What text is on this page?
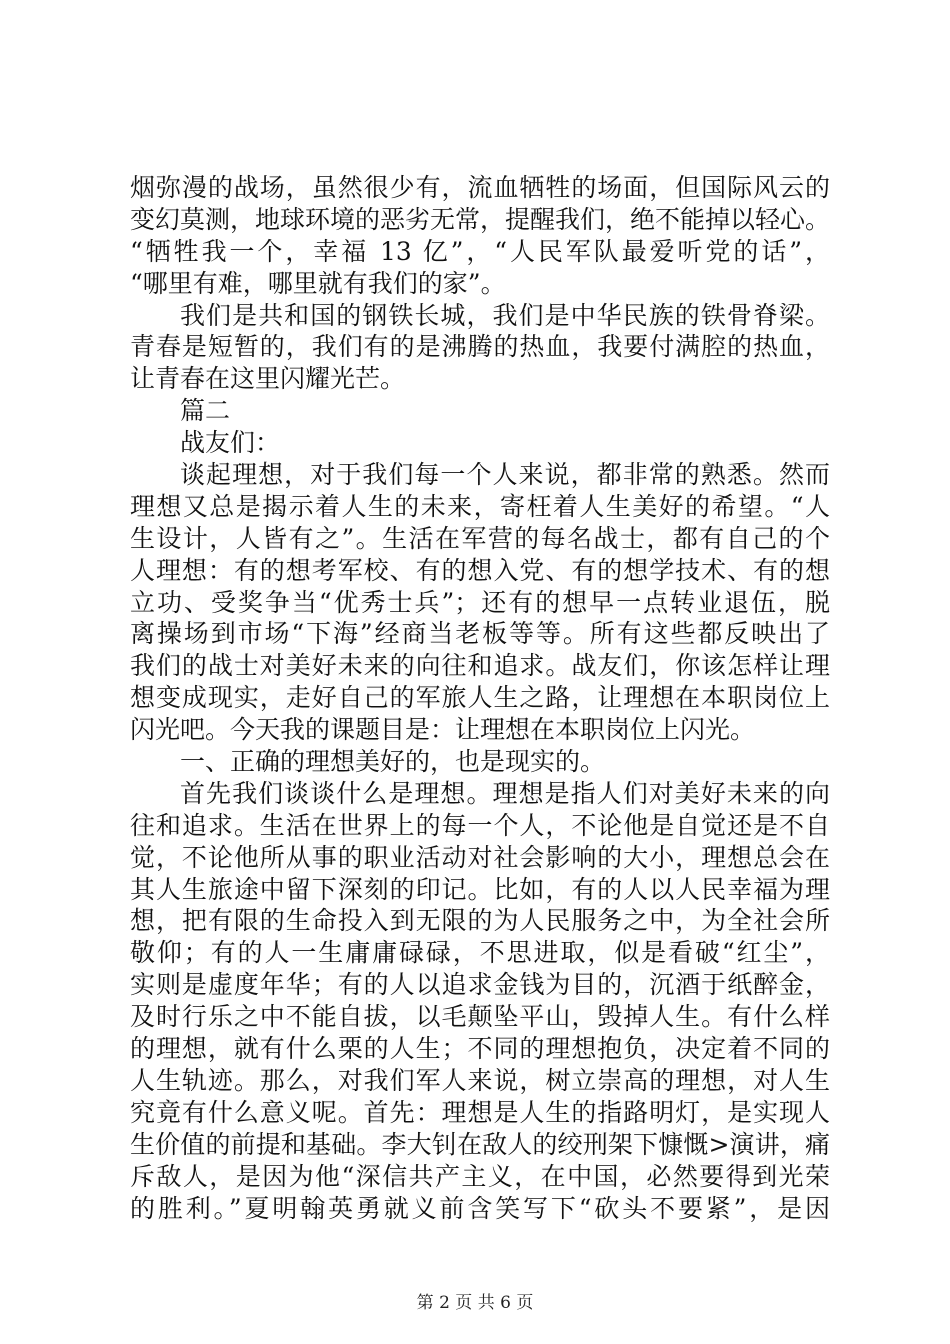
烟弥漫的战场，虽然很少有，流血牺牲的场面，但国际风云的
变幻莫测，地球环境的恶劣无常，提醒我们，绝不能掉以轻心。
“牺牲我一个，幸福 13 亿”，“人民军队最爱听党的话”，
“哪里有难，哪里就有我们的家”。
我们是共和国的钢铁长城，我们是中华民族的铁骨脊梁。
青春是短暂的，我们有的是沸腾的热血，我要付满腔的热血，
让青春在这里闪耀光芒。
篇二
战友们：
谈起理想，对于我们每一个人来说，都非常的熟悉。然而
理想又总是揭示着人生的未来，寄枉着人生美好的希望。“人
生设计，人皆有之”。生活在军营的每名战士，都有自己的个
人理想：有的想考军校、有的想入党、有的想学技术、有的想
立功、受奖争当“优秀士兵”；还有的想早一点转业退伍，脱
离操场到市场“下海”经商当老板等等。所有这些都反映出了
我们的战士对美好未来的向往和追求。战友们，你该怎样让理
想变成现实，走好自己的军旅人生之路，让理想在本职岗位上
闪光吧。今天我的课题目是：让理想在本职岗位上闪光。
一、正确的理想美好的，也是现实的。
首先我们谈谈什么是理想。理想是指人们对美好未来的向
往和追求。生活在世界上的每一个人，不论他是自觉还是不自
觉，不论他所从事的职业活动对社会影响的大小，理想总会在
其人生旅途中留下深刻的印记。比如，有的人以人民幸福为理
想，把有限的生命投入到无限的为人民服务之中，为全社会所
敬仰；有的人一生庸庸碌碌，不思进取，似是看破“红尘”，
实则是虚度年华；有的人以追求金钱为目的，沉酒于纸醉金，
及时行乐之中不能自拔，以毛颠坠平山，毁掉人生。有什么样
的理想，就有什么栗的人生；不同的理想抱负，决定着不同的
人生轨迹。那么，对我们军人来说，树立崇高的理想，对人生
究竟有什么意义呢。首先：理想是人生的指路明灯，是实现人
生价值的前提和基础。李大钊在敌人的绞刑架下慷慨>演讲，痛
斥敌人，是因为他“深信共产主义，在中国，必然要得到光荣
的胜利。”夏明翰英勇就义前含笑写下“砍头不要紧”，是因
第 2 页 共 6 页
